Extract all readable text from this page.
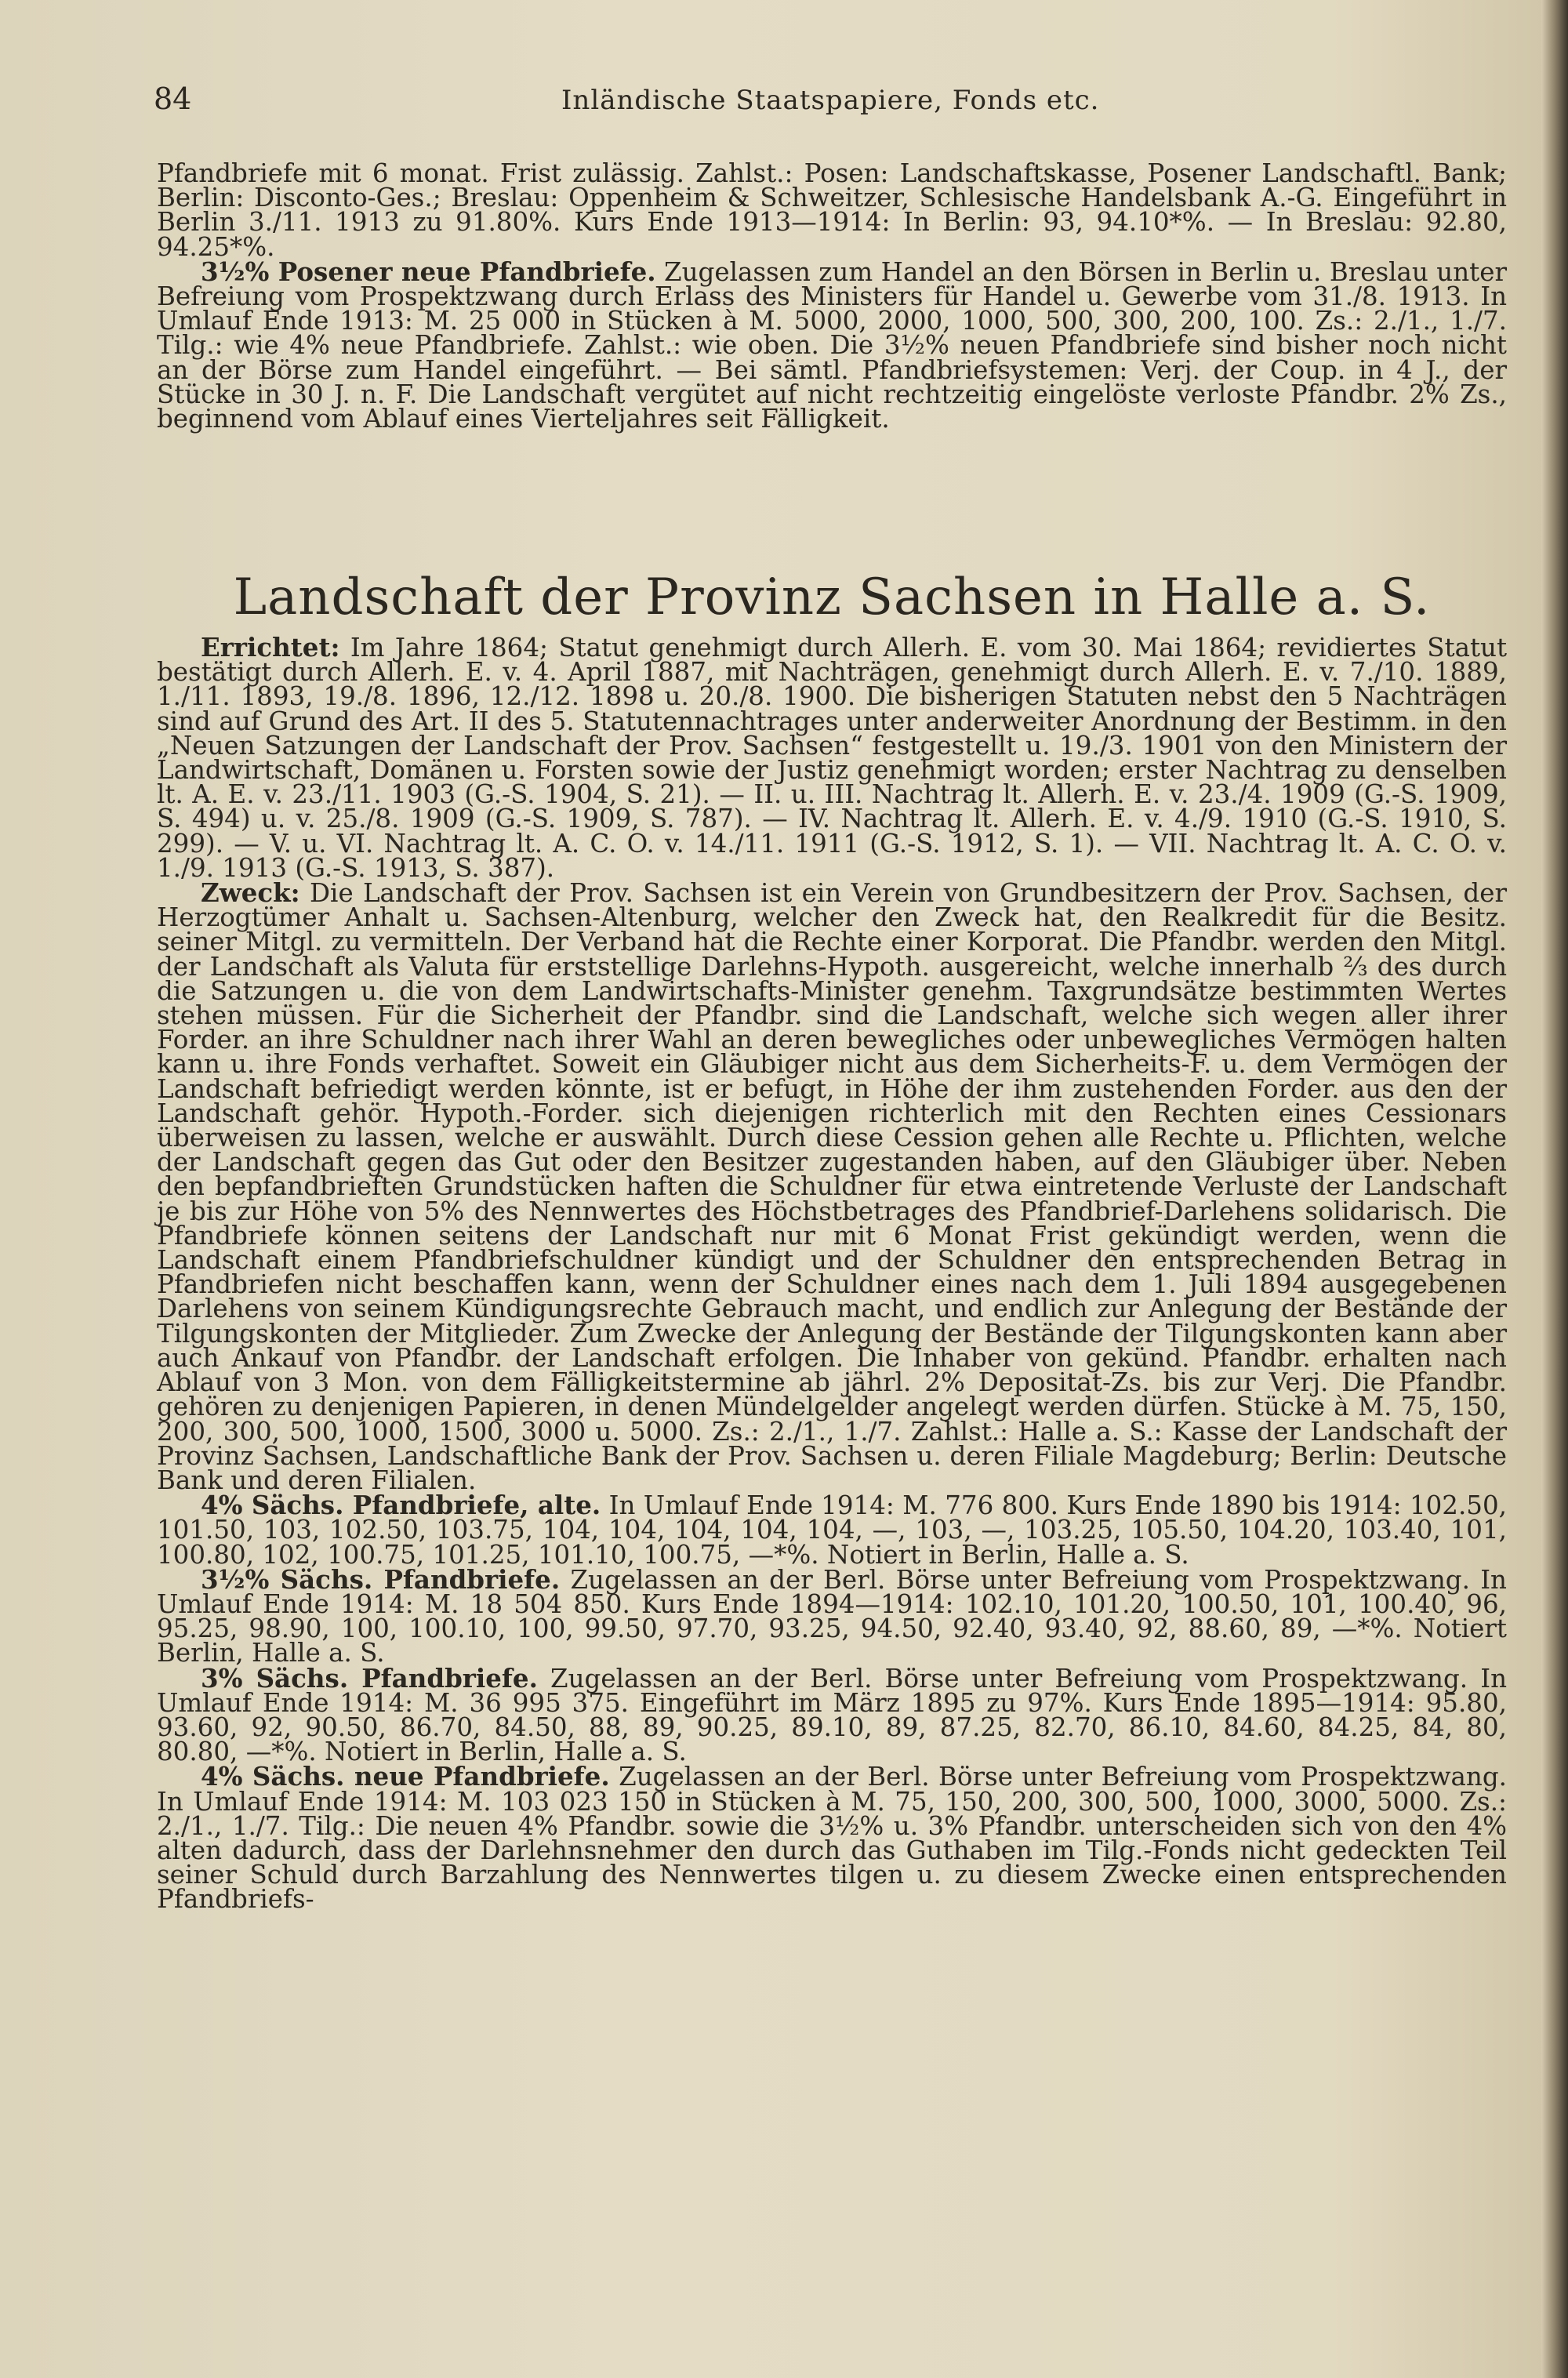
84	Inländische Staatspapiere, Fonds etc.

Pfandbriefe mit 6 monat. Frist zulässig. Zahlst.: Posen: Landschaftskasse, Posener Landschaftl. Bank; Berlin: Disconto-Ges.; Breslau: Oppenheim & Schweitzer, Schlesische Handelsbank A.-G. Eingeführt in Berlin 3./11. 1913 zu 91.80%. Kurs Ende 1913—1914: In Berlin: 93, 94.10*%. — In Breslau: 92.80, 94.25*%.

3½% Posener neue Pfandbriefe. Zugelassen zum Handel an den Börsen in Berlin u. Breslau unter Befreiung vom Prospektzwang durch Erlass des Ministers für Handel u. Gewerbe vom 31./8. 1913. In Umlauf Ende 1913: M. 25 000 in Stücken à M. 5000, 2000, 1000, 500, 300, 200, 100. Zs.: 2./1., 1./7. Tilg.: wie 4% neue Pfandbriefe. Zahlst.: wie oben. Die 3½% neuen Pfandbriefe sind bisher noch nicht an der Börse zum Handel eingeführt. — Bei sämtl. Pfandbriefsystemen: Verj. der Coup. in 4 J., der Stücke in 30 J. n. F. Die Landschaft vergütet auf nicht rechtzeitig eingelöste verloste Pfandbr. 2% Zs., beginnend vom Ablauf eines Vierteljahres seit Fälligkeit.

Landschaft der Provinz Sachsen in Halle a. S.

Errichtet: Im Jahre 1864; Statut genehmigt durch Allerh. E. vom 30. Mai 1864; revidiertes Statut bestätigt durch Allerh. E. v. 4. April 1887, mit Nachträgen, genehmigt durch Allerh. E. v. 7./10. 1889, 1./11. 1893, 19./8. 1896, 12./12. 1898 u. 20./8. 1900. Die bisherigen Statuten nebst den 5 Nachträgen sind auf Grund des Art. II des 5. Statutennachtrages unter anderweiter Anordnung der Bestimm. in den „Neuen Satzungen der Landschaft der Prov. Sachsen“ festgestellt u. 19./3. 1901 von den Ministern der Landwirtschaft, Domänen u. Forsten sowie der Justiz genehmigt worden; erster Nachtrag zu denselben lt. A. E. v. 23./11. 1903 (G.-S. 1904, S. 21). — II. u. III. Nachtrag lt. Allerh. E. v. 23./4. 1909 (G.-S. 1909, S. 494) u. v. 25./8. 1909 (G.-S. 1909, S. 787). — IV. Nachtrag lt. Allerh. E. v. 4./9. 1910 (G.-S. 1910, S. 299). — V. u. VI. Nachtrag lt. A. C. O. v. 14./11. 1911 (G.-S. 1912, S. 1). — VII. Nachtrag lt. A. C. O. v. 1./9. 1913 (G.-S. 1913, S. 387).

Zweck: Die Landschaft der Prov. Sachsen ist ein Verein von Grundbesitzern der Prov. Sachsen, der Herzogtümer Anhalt u. Sachsen-Altenburg, welcher den Zweck hat, den Realkredit für die Besitz. seiner Mitgl. zu vermitteln. Der Verband hat die Rechte einer Korporat. Die Pfandbr. werden den Mitgl. der Landschaft als Valuta für erststellige Darlehns-Hypoth. ausgereicht, welche innerhalb ⅔ des durch die Satzungen u. die von dem Landwirtschafts-Minister genehm. Taxgrundsätze bestimmten Wertes stehen müssen. Für die Sicherheit der Pfandbr. sind die Landschaft, welche sich wegen aller ihrer Forder. an ihre Schuldner nach ihrer Wahl an deren bewegliches oder unbewegliches Vermögen halten kann u. ihre Fonds verhaftet. Soweit ein Gläubiger nicht aus dem Sicherheits-F. u. dem Vermögen der Landschaft befriedigt werden könnte, ist er befugt, in Höhe der ihm zustehenden Forder. aus den der Landschaft gehör. Hypoth.-Forder. sich diejenigen richterlich mit den Rechten eines Cessionars überweisen zu lassen, welche er auswählt. Durch diese Cession gehen alle Rechte u. Pflichten, welche der Landschaft gegen das Gut oder den Besitzer zugestanden haben, auf den Gläubiger über. Neben den bepfandbrieften Grundstücken haften die Schuldner für etwa eintretende Verluste der Landschaft je bis zur Höhe von 5% des Nennwertes des Höchstbetrages des Pfandbrief-Darlehens solidarisch. Die Pfandbriefe können seitens der Landschaft nur mit 6 Monat Frist gekündigt werden, wenn die Landschaft einem Pfandbriefschuldner kündigt und der Schuldner den entsprechenden Betrag in Pfandbriefen nicht beschaffen kann, wenn der Schuldner eines nach dem 1. Juli 1894 ausgegebenen Darlehens von seinem Kündigungsrechte Gebrauch macht, und endlich zur Anlegung der Bestände der Tilgungskonten der Mitglieder. Zum Zwecke der Anlegung der Bestände der Tilgungskonten kann aber auch Ankauf von Pfandbr. der Landschaft erfolgen. Die Inhaber von gekünd. Pfandbr. erhalten nach Ablauf von 3 Mon. von dem Fälligkeitstermine ab jährl. 2% Depositat-Zs. bis zur Verj. Die Pfandbr. gehören zu denjenigen Papieren, in denen Mündelgelder angelegt werden dürfen. Stücke à M. 75, 150, 200, 300, 500, 1000, 1500, 3000 u. 5000. Zs.: 2./1., 1./7. Zahlst.: Halle a. S.: Kasse der Landschaft der Provinz Sachsen, Landschaftliche Bank der Prov. Sachsen u. deren Filiale Magdeburg; Berlin: Deutsche Bank und deren Filialen.

4% Sächs. Pfandbriefe, alte. In Umlauf Ende 1914: M. 776 800. Kurs Ende 1890 bis 1914: 102.50, 101.50, 103, 102.50, 103.75, 104, 104, 104, 104, 104, —, 103, —, 103.25, 105.50, 104.20, 103.40, 101, 100.80, 102, 100.75, 101.25, 101.10, 100.75, —*%. Notiert in Berlin, Halle a. S.

3½% Sächs. Pfandbriefe. Zugelassen an der Berl. Börse unter Befreiung vom Prospektzwang. In Umlauf Ende 1914: M. 18 504 850. Kurs Ende 1894—1914: 102.10, 101.20, 100.50, 101, 100.40, 96, 95.25, 98.90, 100, 100.10, 100, 99.50, 97.70, 93.25, 94.50, 92.40, 93.40, 92, 88.60, 89, —*%. Notiert Berlin, Halle a. S.

3% Sächs. Pfandbriefe. Zugelassen an der Berl. Börse unter Befreiung vom Prospektzwang. In Umlauf Ende 1914: M. 36 995 375. Eingeführt im März 1895 zu 97%. Kurs Ende 1895—1914: 95.80, 93.60, 92, 90.50, 86.70, 84.50, 88, 89, 90.25, 89.10, 89, 87.25, 82.70, 86.10, 84.60, 84.25, 84, 80, 80.80, —*%. Notiert in Berlin, Halle a. S.

4% Sächs. neue Pfandbriefe. Zugelassen an der Berl. Börse unter Befreiung vom Prospektzwang. In Umlauf Ende 1914: M. 103 023 150 in Stücken à M. 75, 150, 200, 300, 500, 1000, 3000, 5000. Zs.: 2./1., 1./7. Tilg.: Die neuen 4% Pfandbr. sowie die 3½% u. 3% Pfandbr. unterscheiden sich von den 4% alten dadurch, dass der Darlehnsnehmer den durch das Guthaben im Tilg.-Fonds nicht gedeckten Teil seiner Schuld durch Barzahlung des Nennwertes tilgen u. zu diesem Zwecke einen entsprechenden Pfandbriefs-
